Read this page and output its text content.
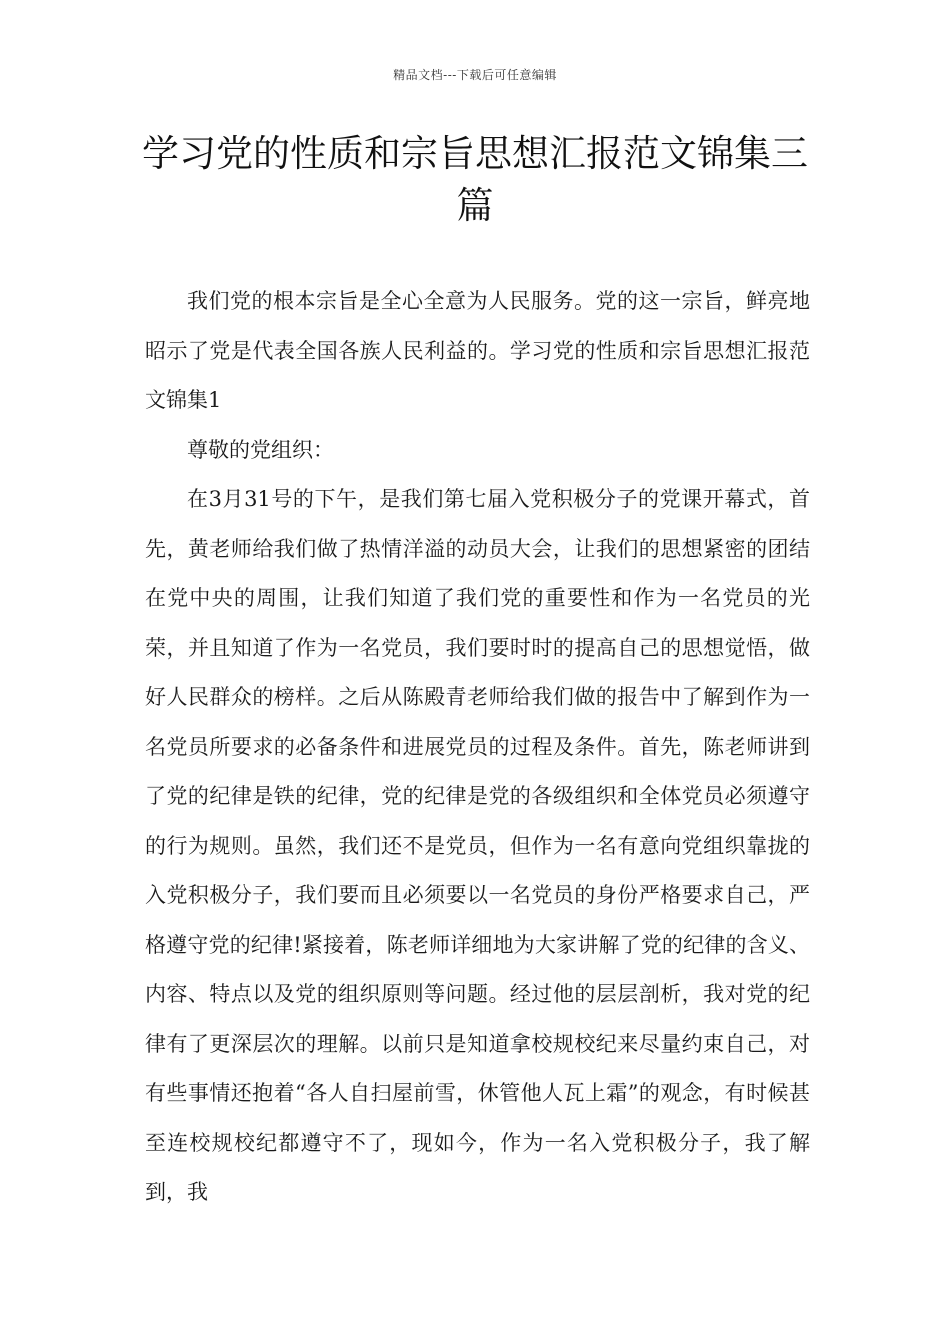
精品文档---下载后可任意编辑
学习党的性质和宗旨思想汇报范文锦集三篇

我们党的根本宗旨是全心全意为人民服务。党的这一宗旨，鲜亮地昭示了党是代表全国各族人民利益的。学习党的性质和宗旨思想汇报范文锦集1

尊敬的党组织：

在3月31号的下午，是我们第七届入党积极分子的党课开幕式，首先，黄老师给我们做了热情洋溢的动员大会，让我们的思想紧密的团结在党中央的周围，让我们知道了我们党的重要性和作为一名党员的光荣，并且知道了作为一名党员，我们要时时的提高自己的思想觉悟，做好人民群众的榜样。之后从陈殿青老师给我们做的报告中了解到作为一名党员所要求的必备条件和进展党员的过程及条件。首先，陈老师讲到了党的纪律是铁的纪律，党的纪律是党的各级组织和全体党员必须遵守的行为规则。虽然，我们还不是党员，但作为一名有意向党组织靠拢的入党积极分子，我们要而且必须要以一名党员的身份严格要求自己，严格遵守党的纪律!紧接着，陈老师详细地为大家讲解了党的纪律的含义、内容、特点以及党的组织原则等问题。经过他的层层剖析，我对党的纪律有了更深层次的理解。以前只是知道拿校规校纪来尽量约束自己，对有些事情还抱着“各人自扫屋前雪，休管他人瓦上霜”的观念，有时候甚至连校规校纪都遵守不了，现如今，作为一名入党积极分子，我了解到，我
